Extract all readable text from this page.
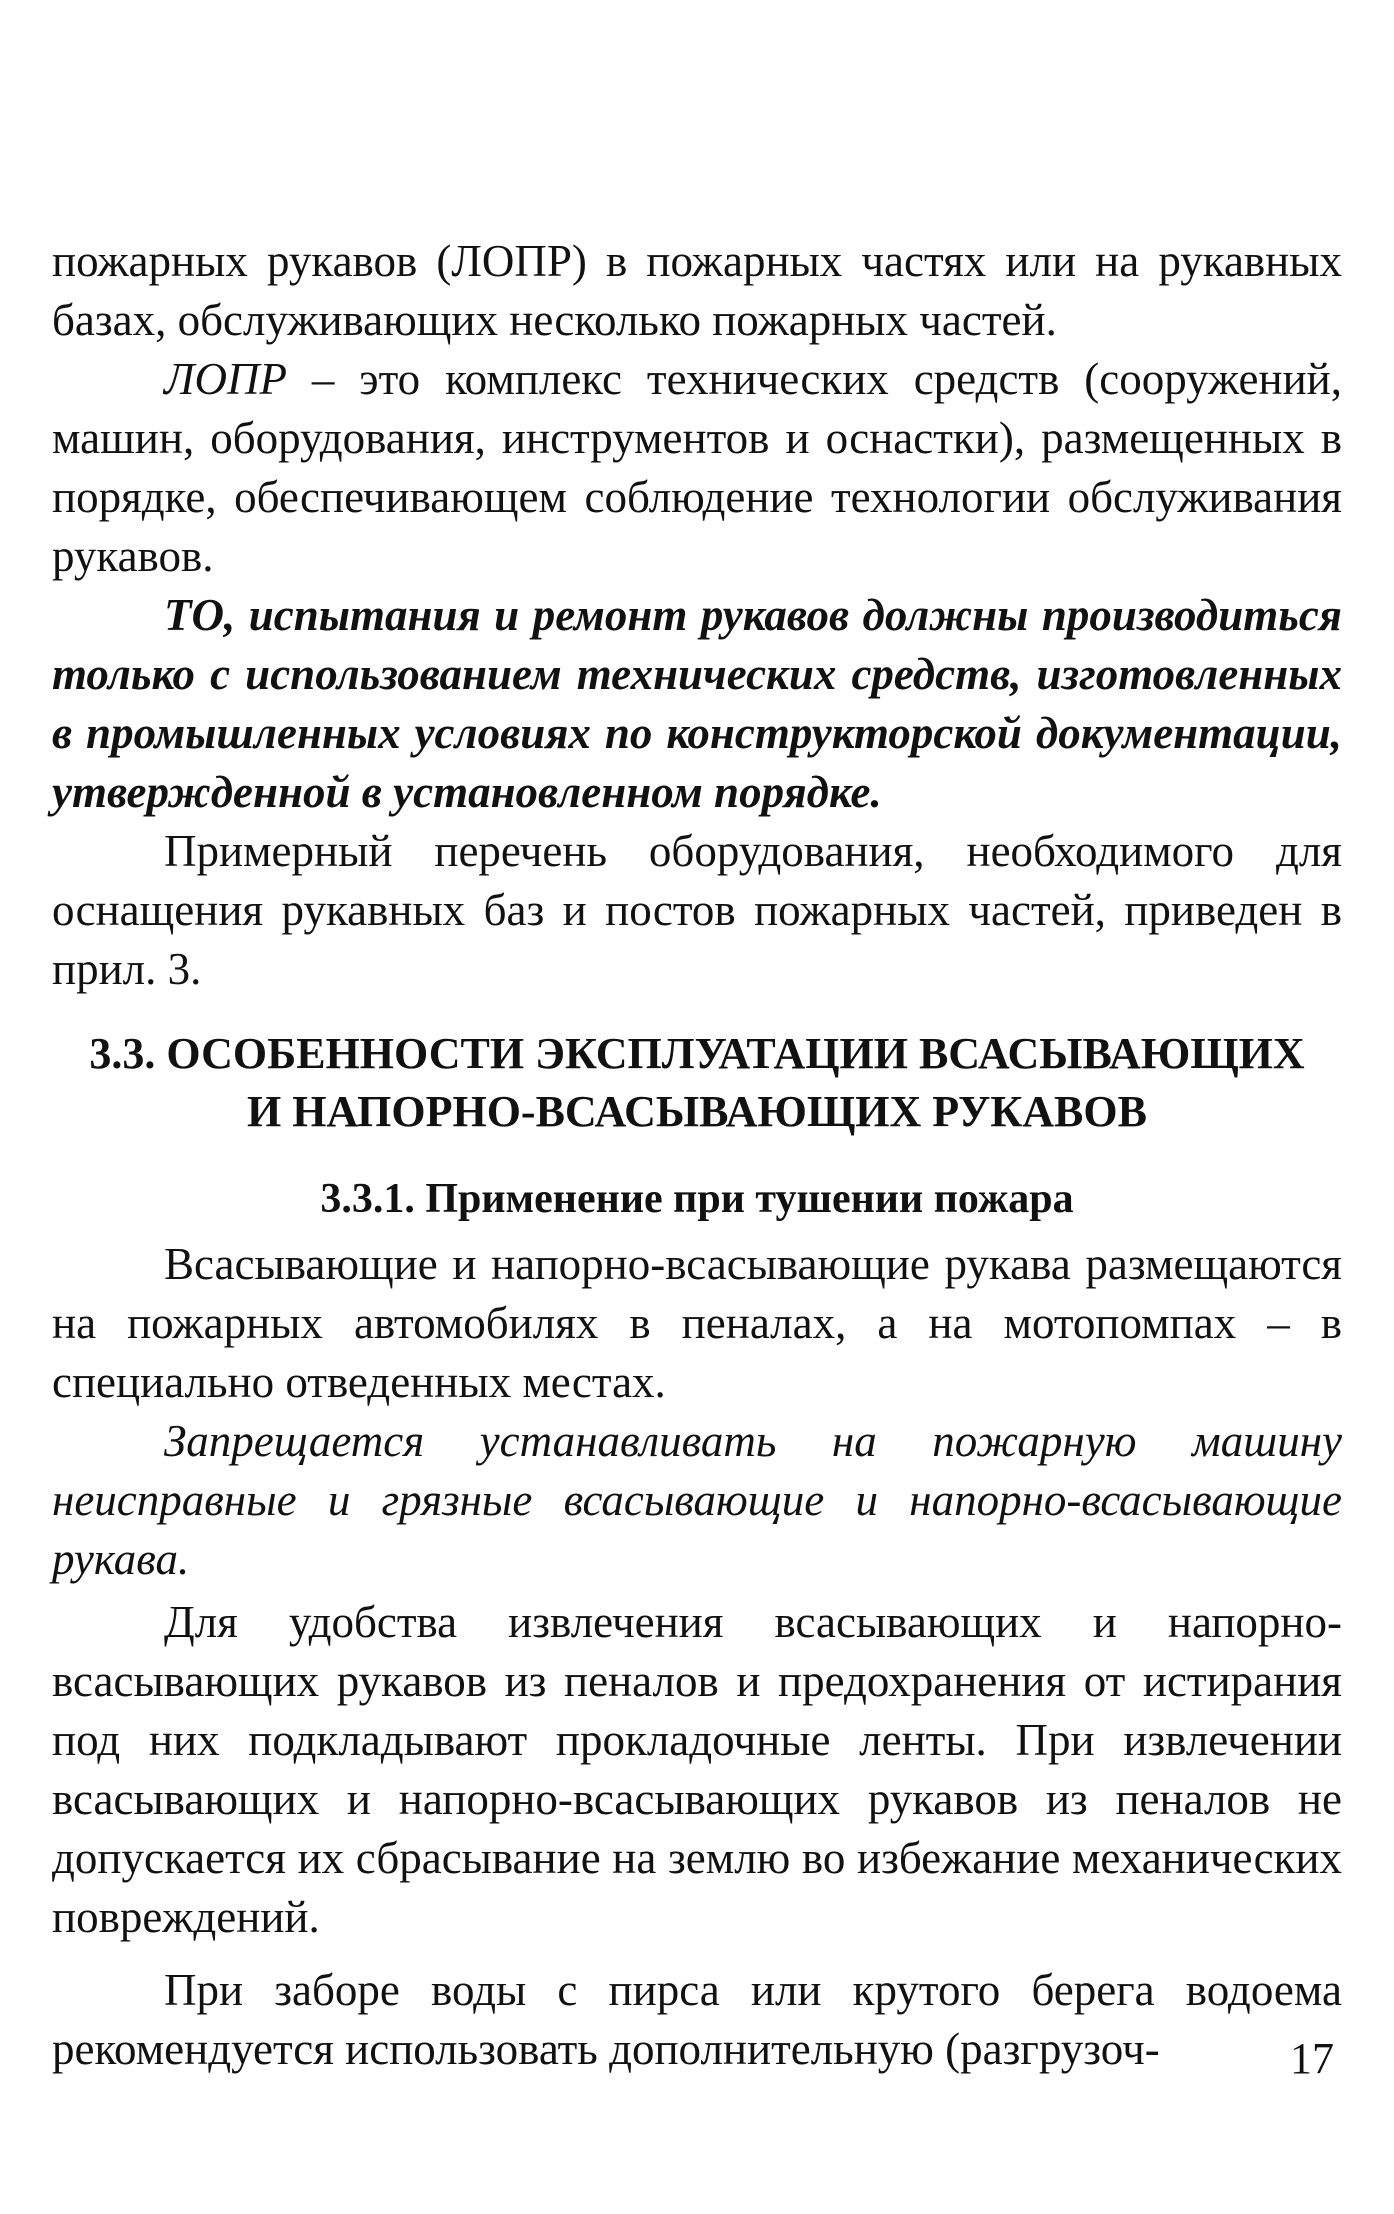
пожарных рукавов (ЛОПР) в пожарных частях или на рукавных базах, обслуживающих несколько пожарных частей.

ЛОПР – это комплекс технических средств (сооружений, машин, оборудования, инструментов и оснастки), размещенных в порядке, обеспечивающем соблюдение технологии обслуживания рукавов.

ТО, испытания и ремонт рукавов должны производиться только с использованием технических средств, изготовленных в промышленных условиях по конструкторской документации, утвержденной в установленном порядке.

Примерный перечень оборудования, необходимого для оснащения рукавных баз и постов пожарных частей, приведен в прил. 3.

3.3. ОСОБЕННОСТИ ЭКСПЛУАТАЦИИ ВСАСЫВАЮЩИХ
И НАПОРНО-ВСАСЫВАЮЩИХ РУКАВОВ
3.3.1. Применение при тушении пожара

Всасывающие и напорно-всасывающие рукава размещаются на пожарных автомобилях в пеналах, а на мотопомпах – в специально отведенных местах.

Запрещается устанавливать на пожарную машину неисправные и грязные всасывающие и напорно-всасывающие рукава.

Для удобства извлечения всасывающих и напорно-всасывающих рукавов из пеналов и предохранения от истирания под них подкладывают прокладочные ленты. При извлечении всасывающих и напорно-всасывающих рукавов из пеналов не допускается их сбрасывание на землю во избежание механических повреждений.

При заборе воды с пирса или крутого берега водоема рекомендуется использовать дополнительную (разгрузоч-	17
